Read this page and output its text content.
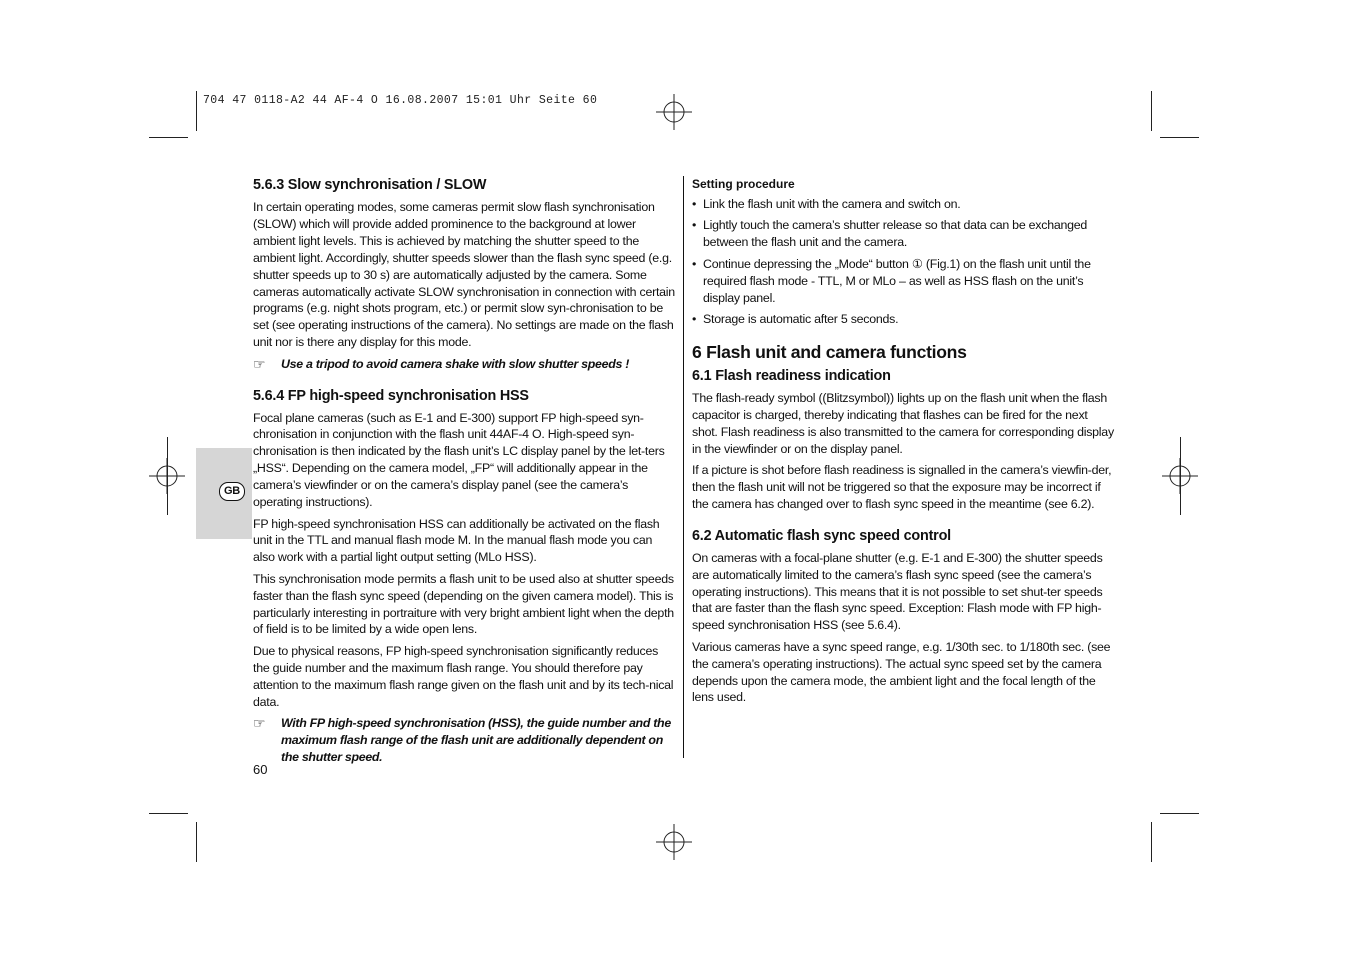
704 47 0118-A2 44 AF-4 O 16.08.2007 15:01 Uhr Seite 60
GB
5.6.3 Slow synchronisation / SLOW

In certain operating modes, some cameras permit slow flash synchronisation (SLOW) which will provide added prominence to the background at lower ambient light levels. This is achieved by matching the shutter speed to the ambient light. Accordingly, shutter speeds slower than the flash sync speed (e.g. shutter speeds up to 30 s) are automatically adjusted by the camera. Some cameras automatically activate SLOW synchronisation in connection with certain programs (e.g. night shots program, etc.) or permit slow syn-chronisation to be set (see operating instructions of the camera). No settings are made on the flash unit nor is there any display for this mode.

☞	Use a tripod to avoid camera shake with slow shutter speeds !
5.6.4 FP high-speed synchronisation HSS

Focal plane cameras (such as E-1 and E-300) support FP high-speed syn-chronisation in conjunction with the flash unit 44AF-4 O. High-speed syn-chronisation is then indicated by the flash unit’s LC display panel by the let-ters „HSS“. Depending on the camera model, „FP“ will additionally appear in the camera’s viewfinder or on the camera’s display panel (see the camera’s operating instructions).

FP high-speed synchronisation HSS can additionally be activated on the flash unit in the TTL and manual flash mode M. In the manual flash mode you can also work with a partial light output setting (MLo HSS).

This synchronisation mode permits a flash unit to be used also at shutter speeds faster than the flash sync speed (depending on the given camera model). This is particularly interesting in portraiture with very bright ambient light when the depth of field is to be limited by a wide open lens.

Due to physical reasons, FP high-speed synchronisation significantly reduces the guide number and the maximum flash range. You should therefore pay attention to the maximum flash range given on the flash unit and by its tech-nical data.

☞	With FP high-speed synchronisation (HSS), the guide number and the maximum flash range of the flash unit are additionally dependent on the shutter speed.
Setting procedure
• Link the flash unit with the camera and switch on.
• Lightly touch the camera’s shutter release so that data can be exchanged between the flash unit and the camera.
• Continue depressing the „Mode“ button ① (Fig.1) on the flash unit until the required flash mode - TTL, M or MLo – as well as HSS flash on the unit’s display panel.
• Storage is automatic after 5 seconds.
6 Flash unit and camera functions
6.1 Flash readiness indication

The flash-ready symbol ((Blitzsymbol)) lights up on the flash unit when the flash capacitor is charged, thereby indicating that flashes can be fired for the next shot. Flash readiness is also transmitted to the camera for corresponding display in the viewfinder or on the display panel.

If a picture is shot before flash readiness is signalled in the camera’s viewfin-der, then the flash unit will not be triggered so that the exposure may be incorrect if the camera has changed over to flash sync speed in the meantime (see 6.2).

6.2 Automatic flash sync speed control

On cameras with a focal-plane shutter (e.g. E-1 and E-300) the shutter speeds are automatically limited to the camera’s flash sync speed (see the camera’s operating instructions). This means that it is not possible to set shut-ter speeds that are faster than the flash sync speed. Exception: Flash mode with FP high-speed synchronisation HSS (see 5.6.4).

Various cameras have a sync speed range, e.g. 1/30th sec. to 1/180th sec. (see the camera’s operating instructions). The actual sync speed set by the camera depends upon the camera mode, the ambient light and the focal length of the lens used.

60
